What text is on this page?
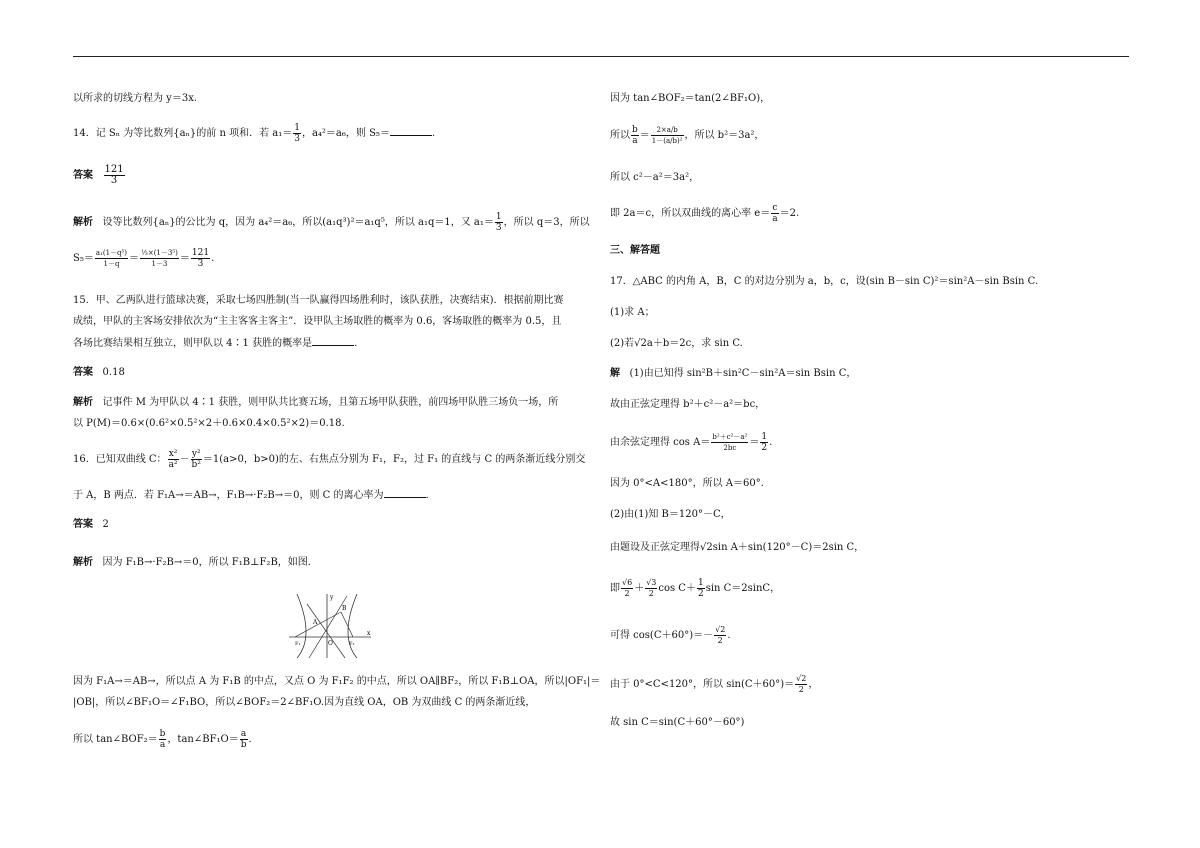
以所求的切线方程为 y＝3x.
14．记 Sₙ 为等比数列{aₙ}的前 n 项和．若 $a_1= \frac{1}{3}$ ，a₄²＝a₆，则 S₅＝	.
答案 $\frac{121}{3}$
解析 设等比数列{aₙ}的公比为 q，因为 a₄²＝a₆，所以(a₁q³)²＝a₁q⁵，所以 a₁q＝1，又 $a_1= \frac{1}{3}$ ，所以 q＝3，所以
$S_5= \frac{\text{a₁(1－q⁵)}}{1-q} = \frac{\text{⅓×(1－3⁵)}}{1-3} = \frac{121}{3}$ .
15．甲、乙两队进行篮球决赛，采取七场四胜制(当一队赢得四场胜利时，该队获胜，决赛结束)．根据前期比赛
成绩，甲队的主客场安排依次为“主主客客主客主”．设甲队主场取胜的概率为 0.6，客场取胜的概率为 0.5，且
各场比赛结果相互独立，则甲队以 4∶1 获胜的概率是	.
答案 0.18
解析 记事件 M 为甲队以 4∶1 获胜，则甲队共比赛五场，且第五场甲队获胜，前四场甲队胜三场负一场，所
以 P(M)＝0.6×(0.6²×0.5²×2＋0.6×0.4×0.5²×2)＝0.18.
16．已知双曲线 C： $\frac{\text{x²}}{\text{a²}} - \frac{\text{y²}}{\text{b²}} =1(a>0$，b>0)的左、右焦点分别为 F₁，F₂，过 F₁ 的直线与 C 的两条渐近线分别交
于 A，B 两点．若 F₁A→＝AB→，F₁B→·F₂B→＝0，则 C 的离心率为	.
答案 2
解析 因为 F₁B→·F₂B→＝0，所以 F₁B⊥F₂B，如图．
y
B
A
F₁	O	F₂
x
因为 F₁A→＝AB→，所以点 A 为 F₁B 的中点，又点 O 为 F₁F₂ 的中点，所以 OA∥BF₂，所以 F₁B⊥OA，所以|OF₁|＝
|OB|，所以∠BF₁O＝∠F₁BO，所以∠BOF₂＝2∠BF₁O.因为直线 OA，OB 为双曲线 C 的两条渐近线，
所以 tan∠BOF₂＝ $\frac{b}{a}$ ，tan∠BF₁O＝ $\frac{a}{b}$ .
因为 tan∠BOF₂＝tan(2∠BF₁O)，
所以 $\frac{b}{a} = \frac{2\times a/b}{\text{1－(a/b)²}}$ ，所以 b²＝3a²，
所以 c²－a²＝3a²，
即 2a＝c，所以双曲线的离心率 $e= \frac{c}{a} =2$.
三、解答题
17．△ABC 的内角 A，B，C 的对边分别为 a，b，c，设(sin B－sin C)²＝sin²A－sin Bsin C.
(1)求 A；
(2)若√2a＋b＝2c，求 sin C.
解 (1)由已知得 sin²B＋sin²C－sin²A＝sin Bsin C，
故由正弦定理得 b²＋c²－a²＝bc，
由余弦定理得 $\cos A= \frac{\text{b²＋c²－a²}}{2bc} = \frac{1}{2}$ .
因为 0°<A<180°，所以 A＝60°.
(2)由(1)知 B＝120°－C，
由题设及正弦定理得√2sin A＋sin(120°－C)＝2sin C，
即 $\frac{√6}{2} + \frac{√3}{2}$ $\cos C+ \frac{1}{2}$ sin C＝2sinC，
可得 $\cos(C+60^\circ)=- \frac{√2}{2}$ .
由于 0°<C<120°，所以 $\sin(C+60^\circ)= \frac{√2}{2}$ ，
故 sin C＝sin(C＋60°－60°)
